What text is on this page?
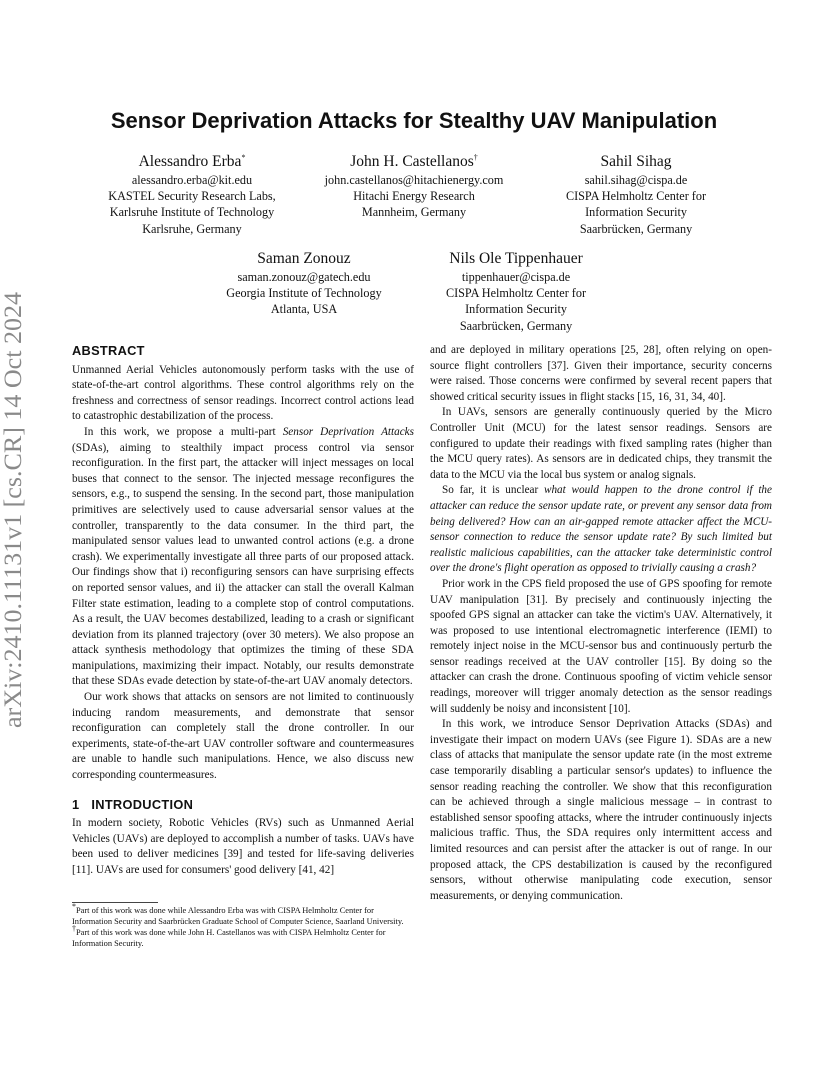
arXiv:2410.11131v1 [cs.CR] 14 Oct 2024
Sensor Deprivation Attacks for Stealthy UAV Manipulation
Alessandro Erba*
alessandro.erba@kit.edu
KASTEL Security Research Labs,
Karlsruhe Institute of Technology
Karlsruhe, Germany
John H. Castellanos†
john.castellanos@hitachienergy.com
Hitachi Energy Research
Mannheim, Germany
Sahil Sihag
sahil.sihag@cispa.de
CISPA Helmholtz Center for
Information Security
Saarbrücken, Germany
Saman Zonouz
saman.zonouz@gatech.edu
Georgia Institute of Technology
Atlanta, USA
Nils Ole Tippenhauer
tippenhauer@cispa.de
CISPA Helmholtz Center for
Information Security
Saarbrücken, Germany
ABSTRACT

Unmanned Aerial Vehicles autonomously perform tasks with the use of state-of-the-art control algorithms. These control algorithms rely on the freshness and correctness of sensor readings. Incorrect control actions lead to catastrophic destabilization of the process.

In this work, we propose a multi-part Sensor Deprivation Attacks (SDAs), aiming to stealthily impact process control via sensor reconfiguration. In the first part, the attacker will inject messages on local buses that connect to the sensor. The injected message reconfigures the sensors, e.g., to suspend the sensing. In the second part, those manipulation primitives are selectively used to cause adversarial sensor values at the controller, transparently to the data consumer. In the third part, the manipulated sensor values lead to unwanted control actions (e.g. a drone crash). We experimentally investigate all three parts of our proposed attack. Our findings show that i) reconfiguring sensors can have surprising effects on reported sensor values, and ii) the attacker can stall the overall Kalman Filter state estimation, leading to a complete stop of control computations. As a result, the UAV becomes destabilized, leading to a crash or significant deviation from its planned trajectory (over 30 meters). We also propose an attack synthesis methodology that optimizes the timing of these SDA manipulations, maximizing their impact. Notably, our results demonstrate that these SDAs evade detection by state-of-the-art UAV anomaly detectors.

Our work shows that attacks on sensors are not limited to continuously inducing random measurements, and demonstrate that sensor reconfiguration can completely stall the drone controller. In our experiments, state-of-the-art UAV controller software and countermeasures are unable to handle such manipulations. Hence, we also discuss new corresponding countermeasures.

1 INTRODUCTION

In modern society, Robotic Vehicles (RVs) such as Unmanned Aerial Vehicles (UAVs) are deployed to accomplish a number of tasks. UAVs have been used to deliver medicines [39] and tested for life-saving deliveries [11]. UAVs are used for consumers' good delivery [41, 42]

*Part of this work was done while Alessandro Erba was with CISPA Helmholtz Center for Information Security and Saarbrücken Graduate School of Computer Science, Saarland University.

†Part of this work was done while John H. Castellanos was with CISPA Helmholtz Center for Information Security.

and are deployed in military operations [25, 28], often relying on open-source flight controllers [37]. Given their importance, security concerns were raised. Those concerns were confirmed by several recent papers that showed critical security issues in flight stacks [15, 16, 31, 34, 40].

In UAVs, sensors are generally continuously queried by the Micro Controller Unit (MCU) for the latest sensor readings. Sensors are configured to update their readings with fixed sampling rates (higher than the MCU query rates). As sensors are in dedicated chips, they transmit the data to the MCU via the local bus system or analog signals.

So far, it is unclear what would happen to the drone control if the attacker can reduce the sensor update rate, or prevent any sensor data from being delivered? How can an air-gapped remote attacker affect the MCU-sensor connection to reduce the sensor update rate? By such limited but realistic malicious capabilities, can the attacker take deterministic control over the drone's flight operation as opposed to trivially causing a crash?

Prior work in the CPS field proposed the use of GPS spoofing for remote UAV manipulation [31]. By precisely and continuously injecting the spoofed GPS signal an attacker can take the victim's UAV. Alternatively, it was proposed to use intentional electromagnetic interference (IEMI) to remotely inject noise in the MCU-sensor bus and continuously perturb the sensor readings received at the UAV controller [15]. By doing so the attacker can crash the drone. Continuous spoofing of victim vehicle sensor readings, moreover will trigger anomaly detection as the sensor readings will suddenly be noisy and inconsistent [10].

In this work, we introduce Sensor Deprivation Attacks (SDAs) and investigate their impact on modern UAVs (see Figure 1). SDAs are a new class of attacks that manipulate the sensor update rate (in the most extreme case temporarily disabling a particular sensor's updates) to influence the sensor reading reaching the controller. We show that this reconfiguration can be achieved through a single malicious message – in contrast to established sensor spoofing attacks, where the intruder continuously injects malicious traffic. Thus, the SDA requires only intermittent access and limited resources and can persist after the attacker is out of range. In our proposed attack, the CPS destabilization is caused by the reconfigured sensors, without otherwise manipulating code execution, sensor measurements, or denying communication.
